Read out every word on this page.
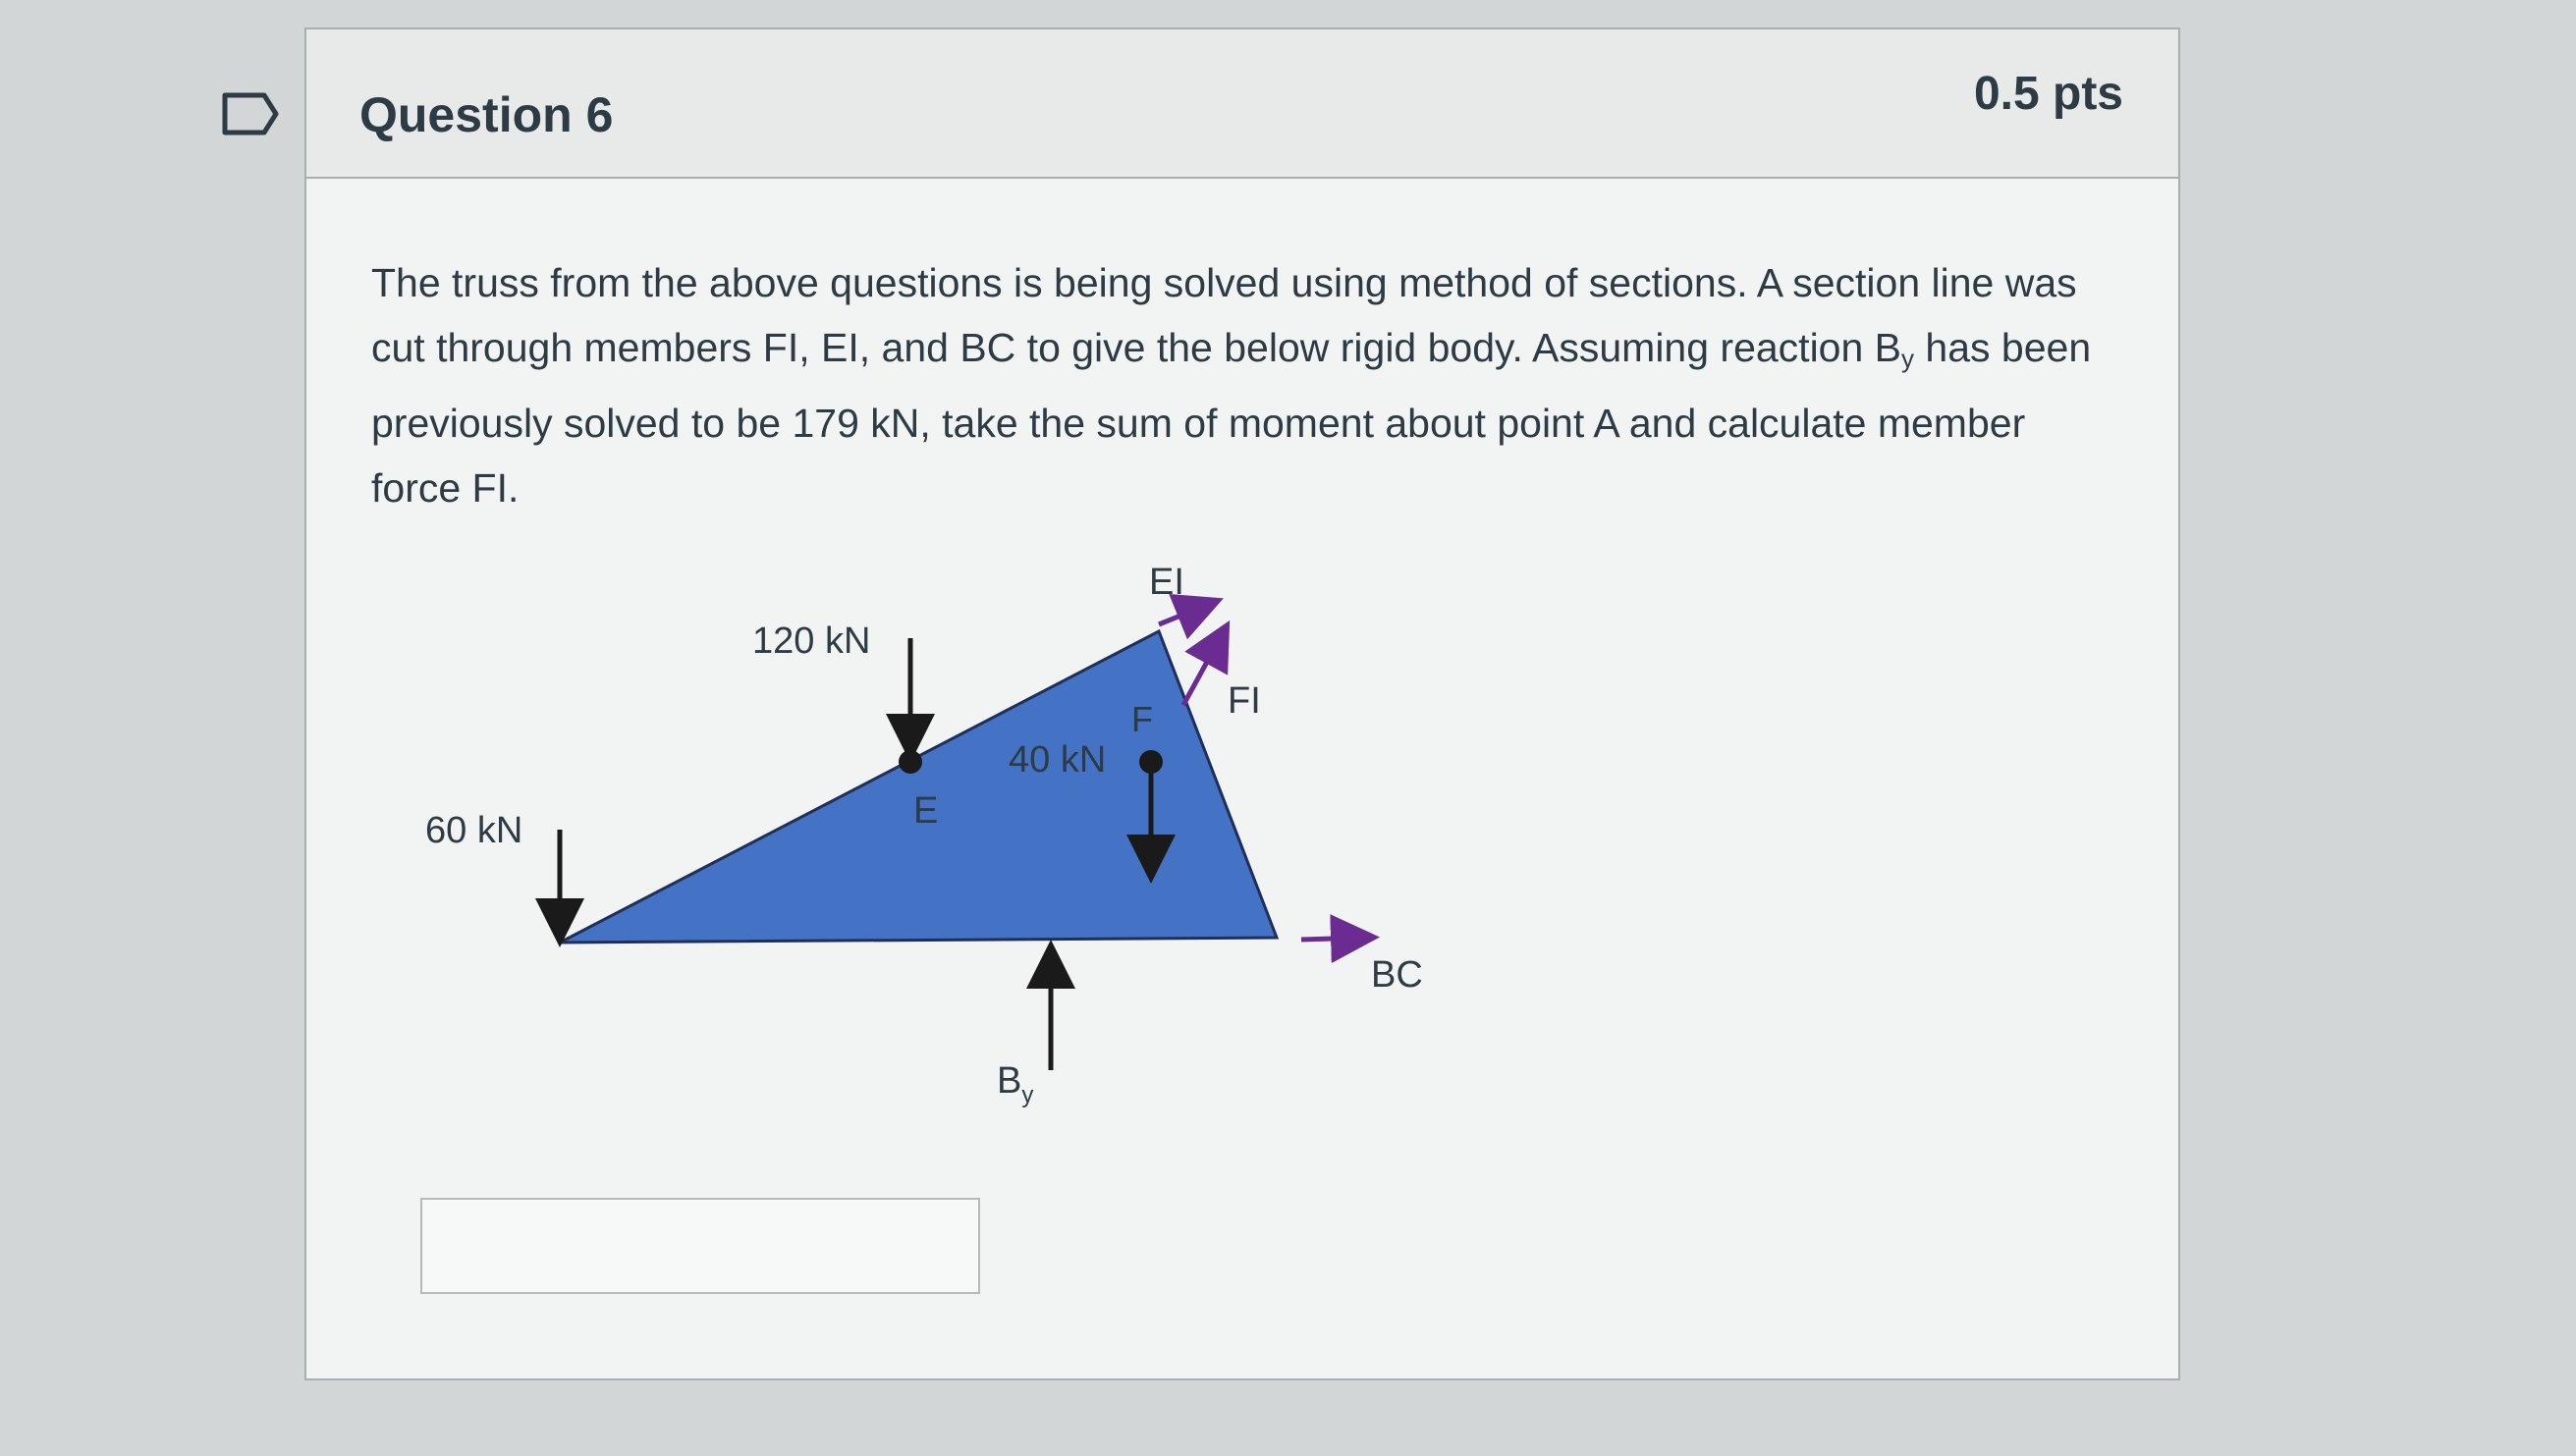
Question 6	0.5 pts
The truss from the above questions is being solved using method of sections. A section line was cut through members FI, EI, and BC to give the below rigid body. Assuming reaction $B_y$ has been previously solved to be 179 kN, take the sum of moment about point A and calculate member force FI.
60 kN
120 kN
E
40 kN
F
EI
FI
BC
$B_y$
